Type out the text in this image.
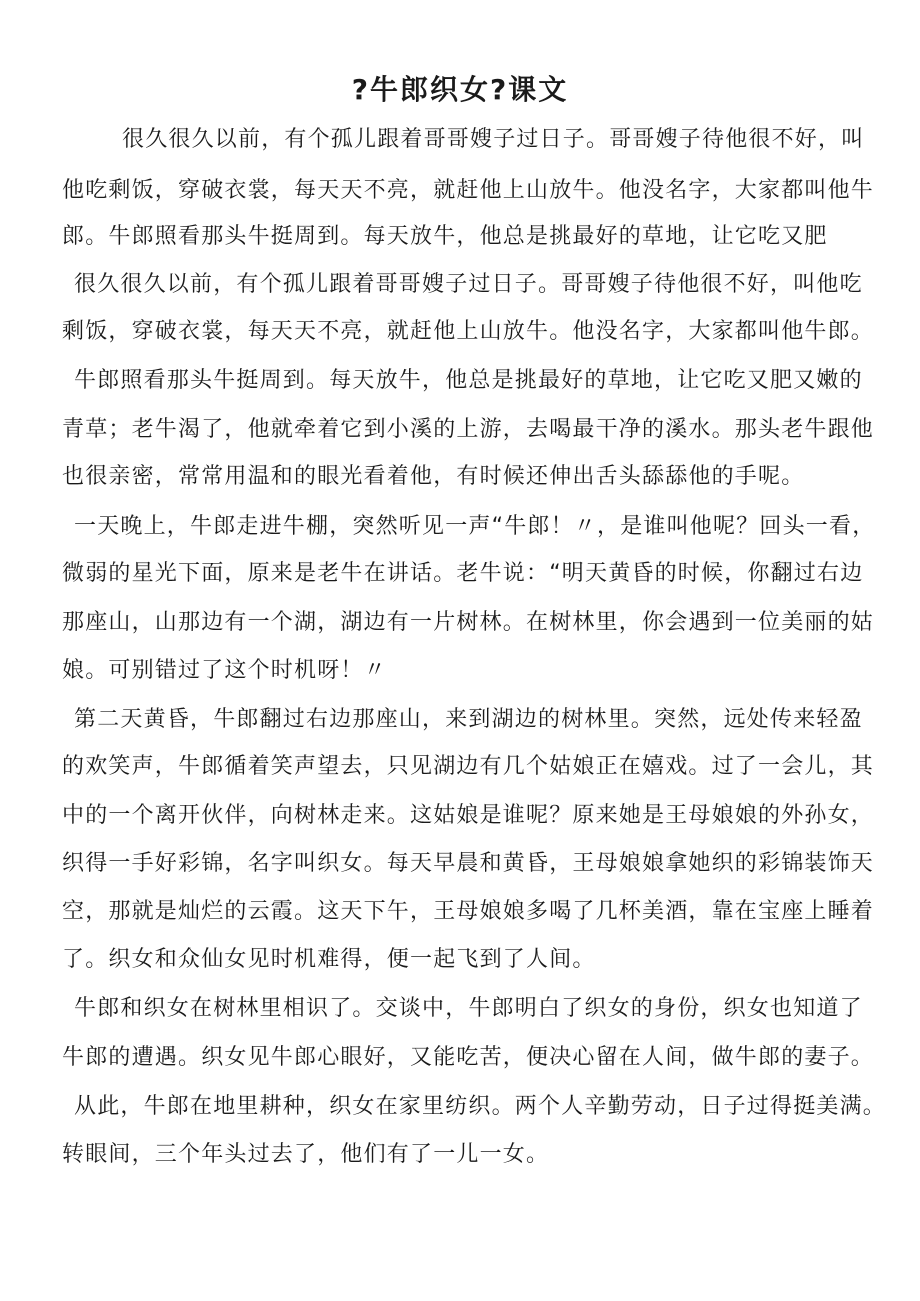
?牛郎织女?课文

很久很久以前，有个孤儿跟着哥哥嫂子过日子。哥哥嫂子待他很不好，叫

他吃剩饭，穿破衣裳，每天天不亮，就赶他上山放牛。他没名字，大家都叫他牛

郎。牛郎照看那头牛挺周到。每天放牛，他总是挑最好的草地，让它吃又肥

很久很久以前，有个孤儿跟着哥哥嫂子过日子。哥哥嫂子待他很不好，叫他吃

剩饭，穿破衣裳，每天天不亮，就赶他上山放牛。他没名字，大家都叫他牛郎。

牛郎照看那头牛挺周到。每天放牛，他总是挑最好的草地，让它吃又肥又嫩的

青草；老牛渴了，他就牵着它到小溪的上游，去喝最干净的溪水。那头老牛跟他

也很亲密，常常用温和的眼光看着他，有时候还伸出舌头舔舔他的手呢。

一天晚上，牛郎走进牛棚，突然听见一声“牛郎！〃，是谁叫他呢？回头一看，

微弱的星光下面，原来是老牛在讲话。老牛说：“明天黄昏的时候，你翻过右边

那座山，山那边有一个湖，湖边有一片树林。在树林里，你会遇到一位美丽的姑

娘。可别错过了这个时机呀！〃

第二天黄昏，牛郎翻过右边那座山，来到湖边的树林里。突然，远处传来轻盈

的欢笑声，牛郎循着笑声望去，只见湖边有几个姑娘正在嬉戏。过了一会儿，其

中的一个离开伙伴，向树林走来。这姑娘是谁呢？原来她是王母娘娘的外孙女，

织得一手好彩锦，名字叫织女。每天早晨和黄昏，王母娘娘拿她织的彩锦装饰天

空，那就是灿烂的云霞。这天下午，王母娘娘多喝了几杯美酒，靠在宝座上睡着

了。织女和众仙女见时机难得，便一起飞到了人间。

牛郎和织女在树林里相识了。交谈中，牛郎明白了织女的身份，织女也知道了

牛郎的遭遇。织女见牛郎心眼好，又能吃苦，便决心留在人间，做牛郎的妻子。

从此，牛郎在地里耕种，织女在家里纺织。两个人辛勤劳动，日子过得挺美满。

转眼间，三个年头过去了，他们有了一儿一女。
